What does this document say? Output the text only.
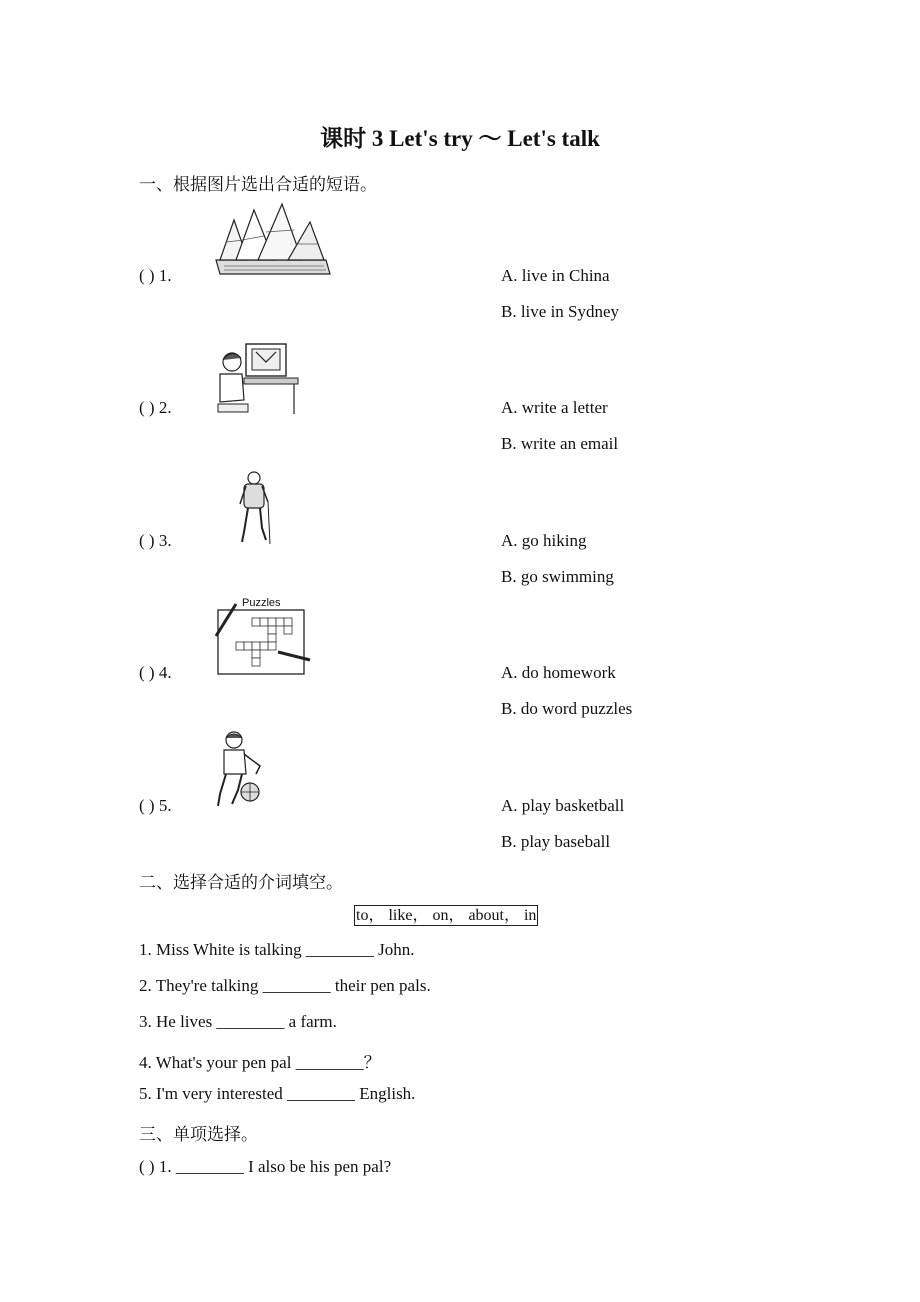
课时 3 Let's try ～ Let's talk
一、根据图片选出合适的短语。
( ) 1.	A. live in China
B. live in Sydney
( ) 2.	A. write a letter
B. write an email
( ) 3.	A. go hiking
B. go swimming
( ) 4.
Puzzles
A. do homework
B. do word puzzles
( ) 5.	A. play basketball
B. play baseball
二、选择合适的介词填空。
to， like， on， about， in
1. Miss White is talking ________ John.
2. They're talking ________ their pen pals.
3. He lives ________ a farm.
4. What's your pen pal ________？
5. I'm very interested ________ English.
三、单项选择。
( ) 1. ________ I also be his pen pal?
